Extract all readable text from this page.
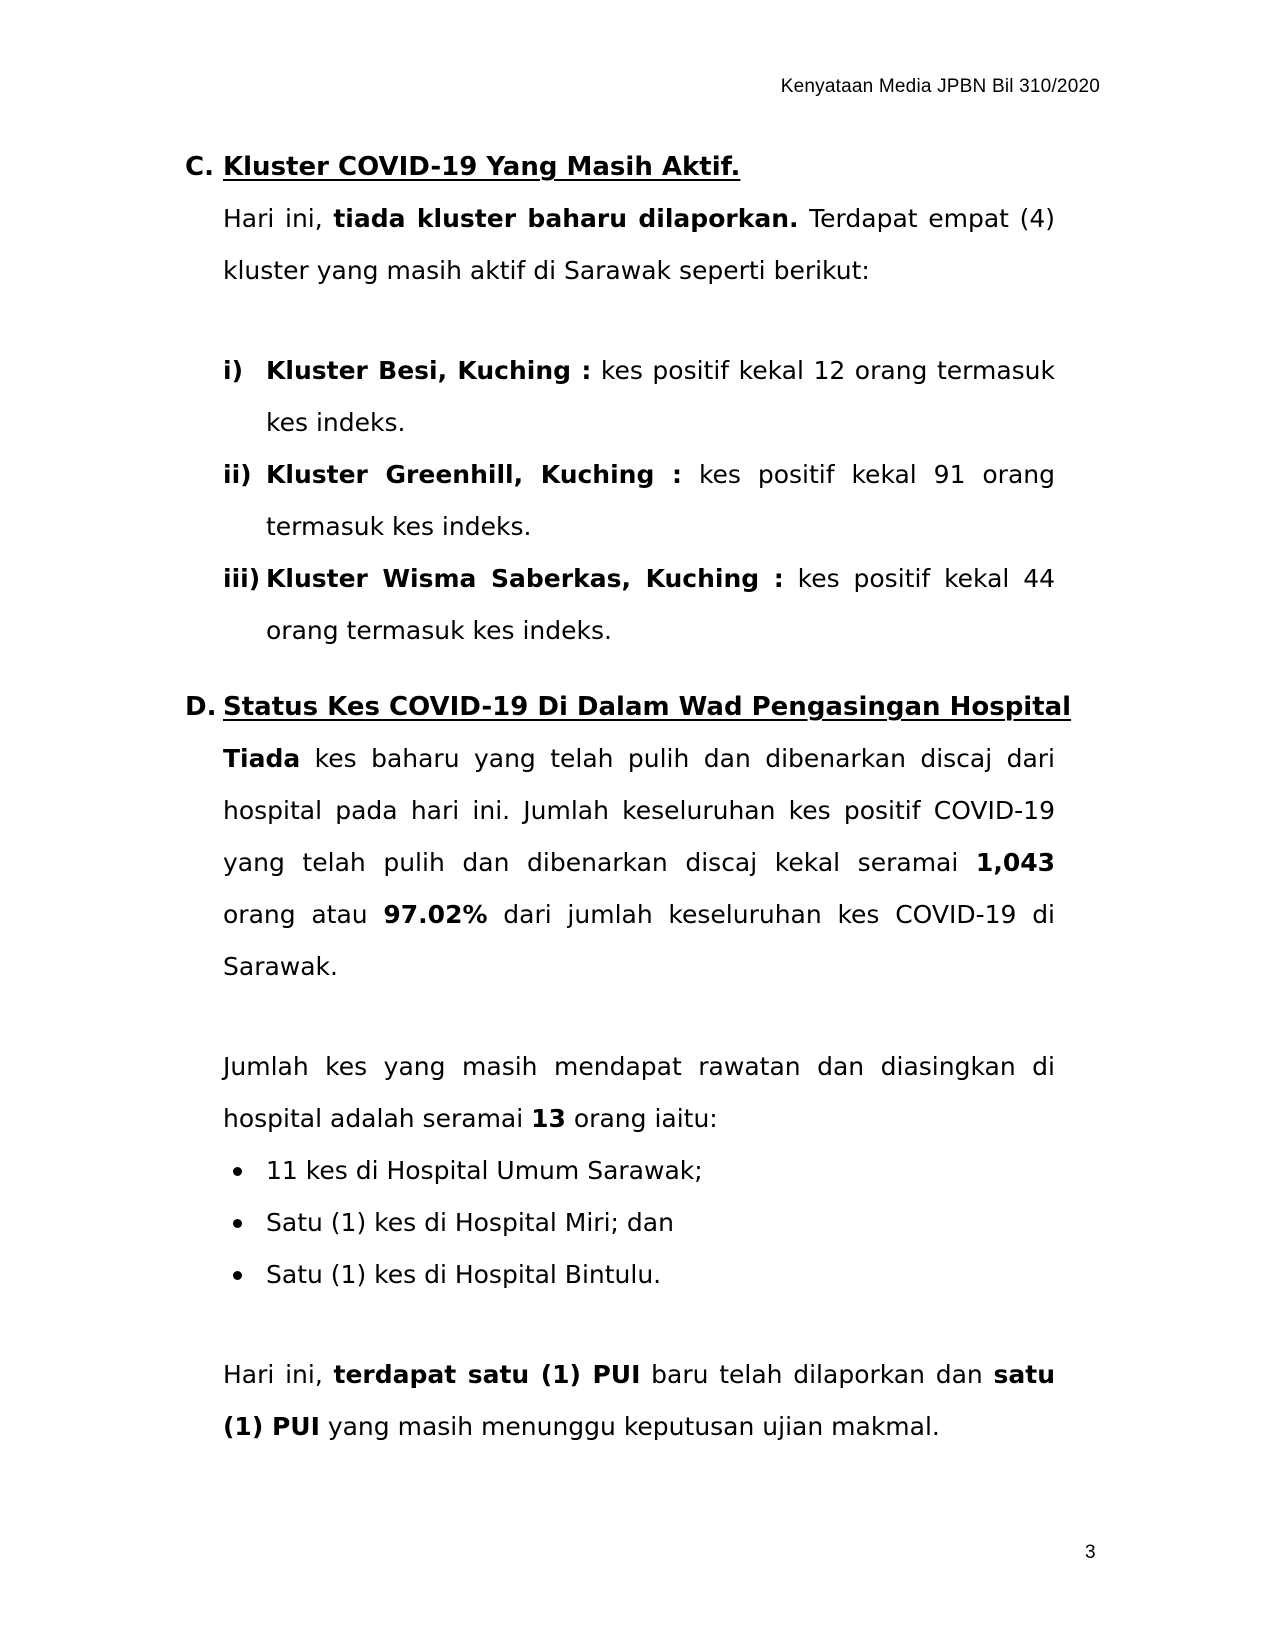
Kenyataan Media JPBN Bil 310/2020
C. Kluster COVID-19 Yang Masih Aktif.
Hari ini, tiada kluster baharu dilaporkan. Terdapat empat (4) kluster yang masih aktif di Sarawak seperti berikut:
i) Kluster Besi, Kuching : kes positif kekal 12 orang termasuk kes indeks.
ii) Kluster Greenhill, Kuching : kes positif kekal 91 orang termasuk kes indeks.
iii) Kluster Wisma Saberkas, Kuching : kes positif kekal 44 orang termasuk kes indeks.
D. Status Kes COVID-19 Di Dalam Wad Pengasingan Hospital
Tiada kes baharu yang telah pulih dan dibenarkan discaj dari hospital pada hari ini. Jumlah keseluruhan kes positif COVID-19 yang telah pulih dan dibenarkan discaj kekal seramai 1,043 orang atau 97.02% dari jumlah keseluruhan kes COVID-19 di Sarawak.
Jumlah kes yang masih mendapat rawatan dan diasingkan di hospital adalah seramai 13 orang iaitu:
11 kes di Hospital Umum Sarawak;
Satu (1) kes di Hospital Miri; dan
Satu (1) kes di Hospital Bintulu.
Hari ini, terdapat satu (1) PUI baru telah dilaporkan dan satu (1) PUI yang masih menunggu keputusan ujian makmal.
3
